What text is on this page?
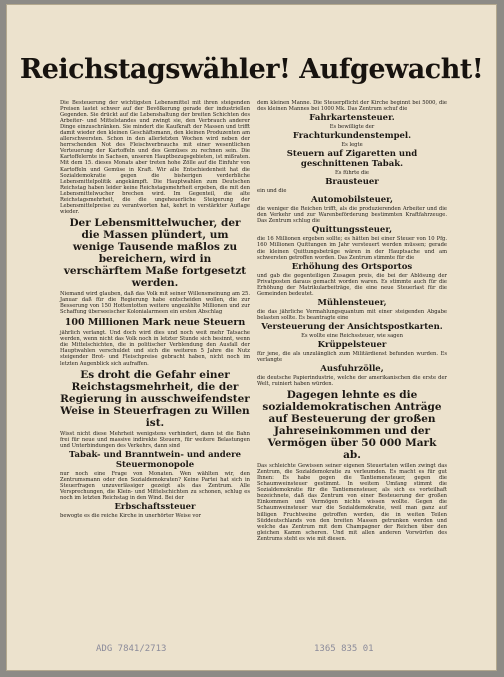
Reichstagswähler! Aufgewacht!

Die Besteuerung der wichtigsten Lebensmittel mit ihren steigenden Preisen lastet schwer auf der Bevölkerung gerade der industriellen Gegenden. Sie drückt auf die Lebenshaltung der breiten Schichten des Arbeiter- und Mittelstandes und zwingt sie, den Verbrauch anderer Dinge einzuschränken. Sie mindert die Kaufkraft der Massen und trifft damit wieder den kleinen Geschäftsmann, den kleinen Produzenten am allerschwersten. Schon in den allerletzten Wochen wird neben der herrschenden Not des Fleischverbrauchs mit einer wesentlichen Verteuerung der Kartoffeln und des Gemüses zu rechnen sein. Die Kartoffelernte in Sachsen, unseren Hauptbezugsgebieten, ist mißraten. Mit dem 15. dieses Monats aber treten hohe Zölle auf die Einfuhr von Kartoffeln und Gemüse in Kraft. Wir alle Entschiedenheit hat die Sozialdemokratie gegen die bisherigen verderbliche Lebensmittelpolitik angekämpft. Die Hauptwahlen zum Deutschen Reichstag haben leider keine Reichstagsmehrheit ergeben, die mit den Lebensmittelwucher brechen wird. Im Gegenteil, die alte Reichstagsmehrheit, die die ungeheuerliche Steigerung der Lebensmittelpreise zu verantworten hat, kehrt in verstärkter Auflage wieder.

Der Lebensmittelwucher, der die Massen plündert, um wenige Tausende maßlos zu bereichern, wird in verschärftem Maße fortgesetzt werden.

Niemand wird glauben, daß das Volk mit seiner Willensmeinung am 25. Januar daß für die Regierung habe entscheiden wollen, die zur Besserung von 150 Hottentotten weitere ungezählte Millionen und zur Schaffung überseeischer Kolonialarmeen ein ersten Abschlag

100 Millionen Mark neue Steuern

jährlich verlangt. Und doch wird dies und noch weit mehr Tatsache werden, wenn nicht das Volk noch in letzter Stunde sich besinnt, wenn die Mittelschichten, die in politischer Verblendung den Ausfall der Hauptwahlen verschuldet und sich die weiteren 5 Jahre die Nutz steigender Brot- und Fleischpreise gebracht haben, nicht noch im letzten Augenblick sich aufraffen.

Es droht die Gefahr einer Reichstagsmehrheit, die der Regierung in ausschweifendster Weise in Steuerfragen zu Willen ist.

Wisst nicht diese Mehrheit wenigstens verhindert, dann ist die Bahn frei für neue und massive indirekte Steuern, für weitere Belastungen und Unterbindungen des Verkehrs, dann sind

Tabak- und Branntwein- und andere Steuermonopole

nur noch eine Frage von Monaten. Wen wählten wir, den Zentrumsmann oder den Sozialdemokraten? Keine Partei hat sich in Steuerfragen unzuverlässiger gezeigt als das Zentrum. Alle Versprechungen, die Klein- und Mittelschichten zu schonen, schlug es noch im letzten Reichstag in den Wind. Bei der

Erbschaftssteuer

bewogte es die reiche Kirche in unerhörter Weise vor

dem kleinen Manne. Die Steuerpflicht der Kirche beginnt bei 5000, die des kleinen Mannes bei 1000 Mk. Das Zentrum schuf die

Fahrkartensteuer.

Es bewilligte der

Frachturkundenstempel.

Es legte

Steuern auf Zigaretten und geschnittenen Tabak.

Es führte die

Brausteuer

ein und die

Automobilsteuer,

die weniger die Reichen trifft, als die produzierenden Arbeiter und die den Verkehr und zur Warenbeförderung bestimmten Kraftfahrzeuge. Das Zentrum schlug die

Quittungssteuer,

die 16 Millionen ergeben sollte; es hätten bei einer Steuer von 10 Pfg. 160 Millionen Quittungen im Jahr versteuert werden müssen; gerade die kleinen Quittungsbeträge wären in der Hauptsache und am schwersten getroffen worden. Das Zentrum stimmte für die

Erhöhung des Ortsportos

und gab die gegenteiligen Zusagen preis, die bei der Ablösung der Privatposten daraus gemacht worden waren. Es stimmte auch für die Erhöhung der Matrikularbeiträge, die eine neue Steuerlast für die Gemeinden bedeutet.

Mühlensteuer,

die das jährliche Vermahlungsquantum mit einer steigenden Abgabe belasten sollte. Es beantragte eine

Versteuerung der Ansichtspostkarten.

Es wollte eine Reichssteuer, wie sagen

Krüppelsteuer

für jene, die als unzulänglich zum Militärdienst befunden wurden. Es verlangte

Ausfuhrzölle,

die deutsche Papierindustrie, welche der amerikanischen die erste der Welt, ruiniert haben würden.

Dagegen lehnte es die sozialdemokratischen Anträge auf Besteuerung der großen Jahreseinkommen und der Vermögen über 50 000 Mark ab.

Das schleichte Gewissen seiner eigenen Steuertaten willen zwingt das Zentrum, die Sozialdemokratie zu verleumden. Es macht es für gut Ihnen: Es habe gegen die Tantiemensteuer, gegen die Schaumweinsteuer gestimmt. In weitem Umfang stimmt die Sozialdemokratie für die Tantiemensteuer, als sich es vorteilhaft bezeichnete, daß das Zentrum von einer Besteuerung der großen Einkommen und Vermögen nichts wissen wollte. Gegen die Schaumweinsteuer war die Sozialdemokratie, weil man ganz auf billigen Fruchtweine getroffen werden, die in weiten Teilen Süddeutschlands von den breiten Massen getrunken werden und welche das Zentrum mit dem Champagner der Reichen über den gleichen Kamm scheren. Und mit allen anderen Vorwürfen des Zentrums steht es wie mit diesen.

ADG 7841/2713	1365 835 01
